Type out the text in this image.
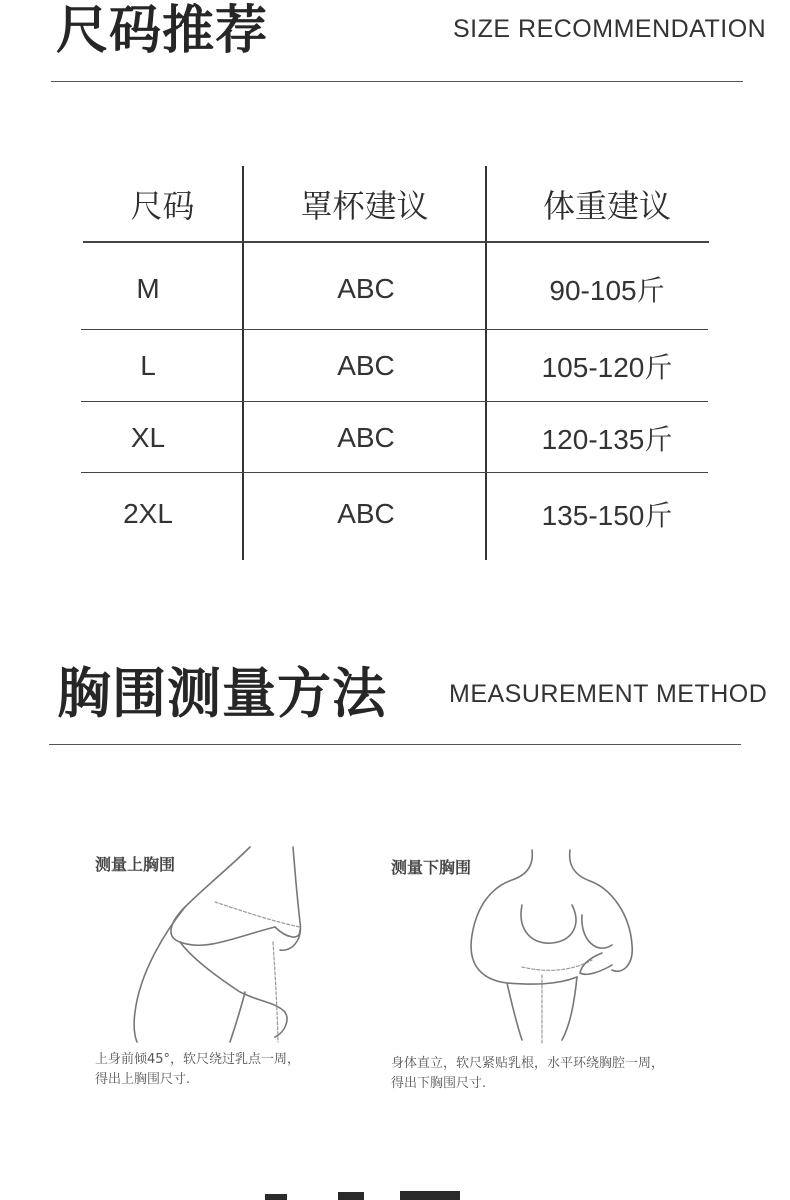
尺码推荐	SIZE RECOMMENDATION
尺码	罩杯建议	体重建议
M	ABC	90-105斤
L	ABC	105-120斤
XL	ABC	120-135斤
2XL	ABC	135-150斤
胸围测量方法 MEASUREMENT METHOD
测量上胸围
上身前倾45°，软尺绕过乳点一周，
得出上胸围尺寸.
测量下胸围
身体直立，软尺紧贴乳根，水平环绕胸腔一周，
得出下胸围尺寸.
